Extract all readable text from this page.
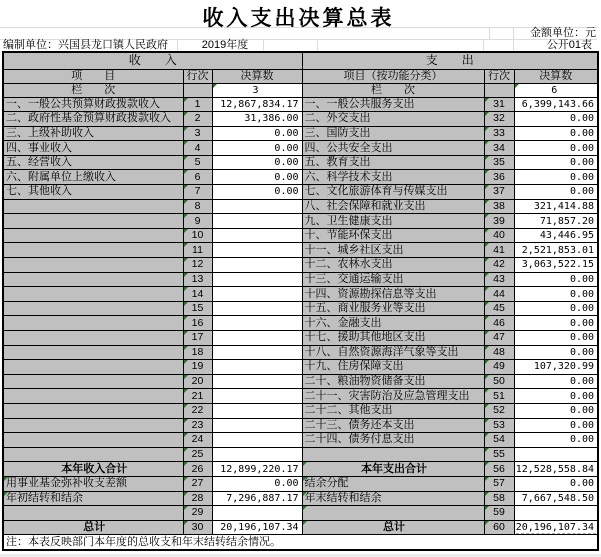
收入支出决算总表
金额单位：元
编制单位：兴国县龙口镇人民政府	2019年度	公开01表
收　　入			支　　出		
项　　目	行次	决算数	项目（按功能分类）	行次	决算数
栏　　次		3	栏　　次		6
一、一般公共预算财政拨款收入	1	12,867,834.17	一、一般公共服务支出	31	6,399,143.66
二、政府性基金预算财政拨款收入	2	31,386.00	二、外交支出	32	0.00
三、上级补助收入	3	0.00	三、国防支出	33	0.00
四、事业收入	4	0.00	四、公共安全支出	34	0.00
五、经营收入	5	0.00	五、教育支出	35	0.00
六、附属单位上缴收入	6	0.00	六、科学技术支出	36	0.00
七、其他收入	7	0.00	七、文化旅游体育与传媒支出	37	0.00
	8		八、社会保障和就业支出	38	321,414.88
	9		九、卫生健康支出	39	71,857.20
	10		十、节能环保支出	40	43,446.95
	11		十一、城乡社区支出	41	2,521,853.01
	12		十二、农林水支出	42	3,063,522.15
	13		十三、交通运输支出	43	0.00
	14		十四、资源勘探信息等支出	44	0.00
	15		十五、商业服务业等支出	45	0.00
	16		十六、金融支出	46	0.00
	17		十七、援助其他地区支出	47	0.00
	18		十八、自然资源海洋气象等支出	48	0.00
	19		十九、住房保障支出	49	107,320.99
	20		二十、粮油物资储备支出	50	0.00
	21		二十一、灾害防治及应急管理支出	51	0.00
	22		二十二、其他支出	52	0.00
	23		二十三、债务还本支出	53	0.00
	24		二十四、债务付息支出	54	0.00
	25			55	
本年收入合计	26	12,899,220.17	本年支出合计	56	12,528,558.84
用事业基金弥补收支差额	27	0.00	结余分配	57	0.00
年初结转和结余	28	7,296,887.17	年末结转和结余	58	7,667,548.50
	29			59	
总计	30	20,196,107.34	总计	60	20,196,107.34
注：本表反映部门本年度的总收支和年末结转结余情况。					
